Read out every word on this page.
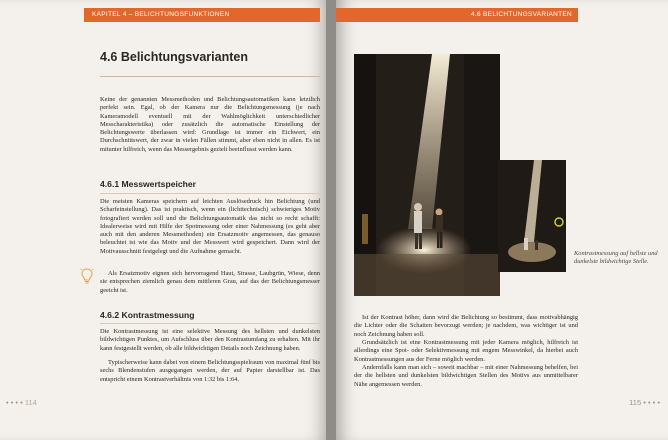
KAPITEL 4 – BELICHTUNGSFUNKTIONEN
4.6 Belichtungsvarianten

Keine der genannten Messmethoden und Belichtungsautomatiken kann letztlich perfekt sein. Egal, ob der Kamera nur die Belichtungsmessung (je nach Kameramodell eventuell mit der Wahlmöglichkeit unterschiedlicher Messcharakteristika) oder zusätzlich die automatische Einstellung der Belichtungswerte überlassen wird: Grundlage ist immer ein Eichwert, ein Durchschnittswert, der zwar in vielen Fällen stimmt, aber eben nicht in allen. Es ist mitunter hilfreich, wenn das Messergebnis gezielt beeinflusst werden kann.

4.6.1 Messwertspeicher

Die meisten Kameras speichern auf leichten Auslösedruck hin Belichtung (und Scharfeinstellung). Das ist praktisch, wenn ein (lichttechnisch) schwieriges Motiv fotografiert werden soll und die Belichtungsautomatik das nicht so recht schafft: Idealerweise wird mit Hilfe der Spotmessung oder einer Nahmessung (es geht aber auch mit den anderen Messmethoden) ein Ersatzmotiv angemessen, das genauso beleuchtet ist wie das Motiv und der Messwert wird gespeichert. Dann wird der Motivausschnitt festgelegt und die Aufnahme gemacht.

Als Ersatzmotiv eignen sich hervorragend Haut, Strasse, Laubgrün, Wiese, denn sie entsprechen ziemlich genau dem mittleren Grau, auf das der Belichtungsmesser geeicht ist.

4.6.2 Kontrastmessung

Die Kontrastmessung ist eine selektive Messung des hellsten und dunkelsten bildwichtigen Punktes, um Aufschluss über den Kontrastumfang zu erhalten. Mit ihr kann festgestellt werden, ob alle bildwichtigen Details noch Zeichnung haben.

Typischerweise kann dabei von einem Belichtungsspielraum von maximal fünf bis sechs Blendenstufen ausgegangen werden, der auf Papier darstellbar ist. Das entspricht einem Kontrastverhältnis von 1:32 bis 1:64.

• • • • 114
4.6 BELICHTUNGSVARIANTEN
Kontrastmessung auf hellste und dunkelste bildwichtige Stelle.

Ist der Kontrast höher, dann wird die Belichtung so bestimmt, dass motivabhängig die Lichter oder die Schatten bevorzugt werden; je nachdem, was wichtiger ist und noch Zeichnung haben soll.

Grundsätzlich ist eine Kontrastmessung mit jeder Kamera möglich, hilfreich ist allerdings eine Spot- oder Selektivmessung mit engem Messwinkel, da hierbei auch Kontrastmessungen aus der Ferne möglich werden.

Andernfalls kann man sich – soweit machbar – mit einer Nahmessung behelfen, bei der die hellsten und dunkelsten bildwichtigen Stellen des Motivs aus unmittelbarer Nähe angemessen werden.

115 • • • •
